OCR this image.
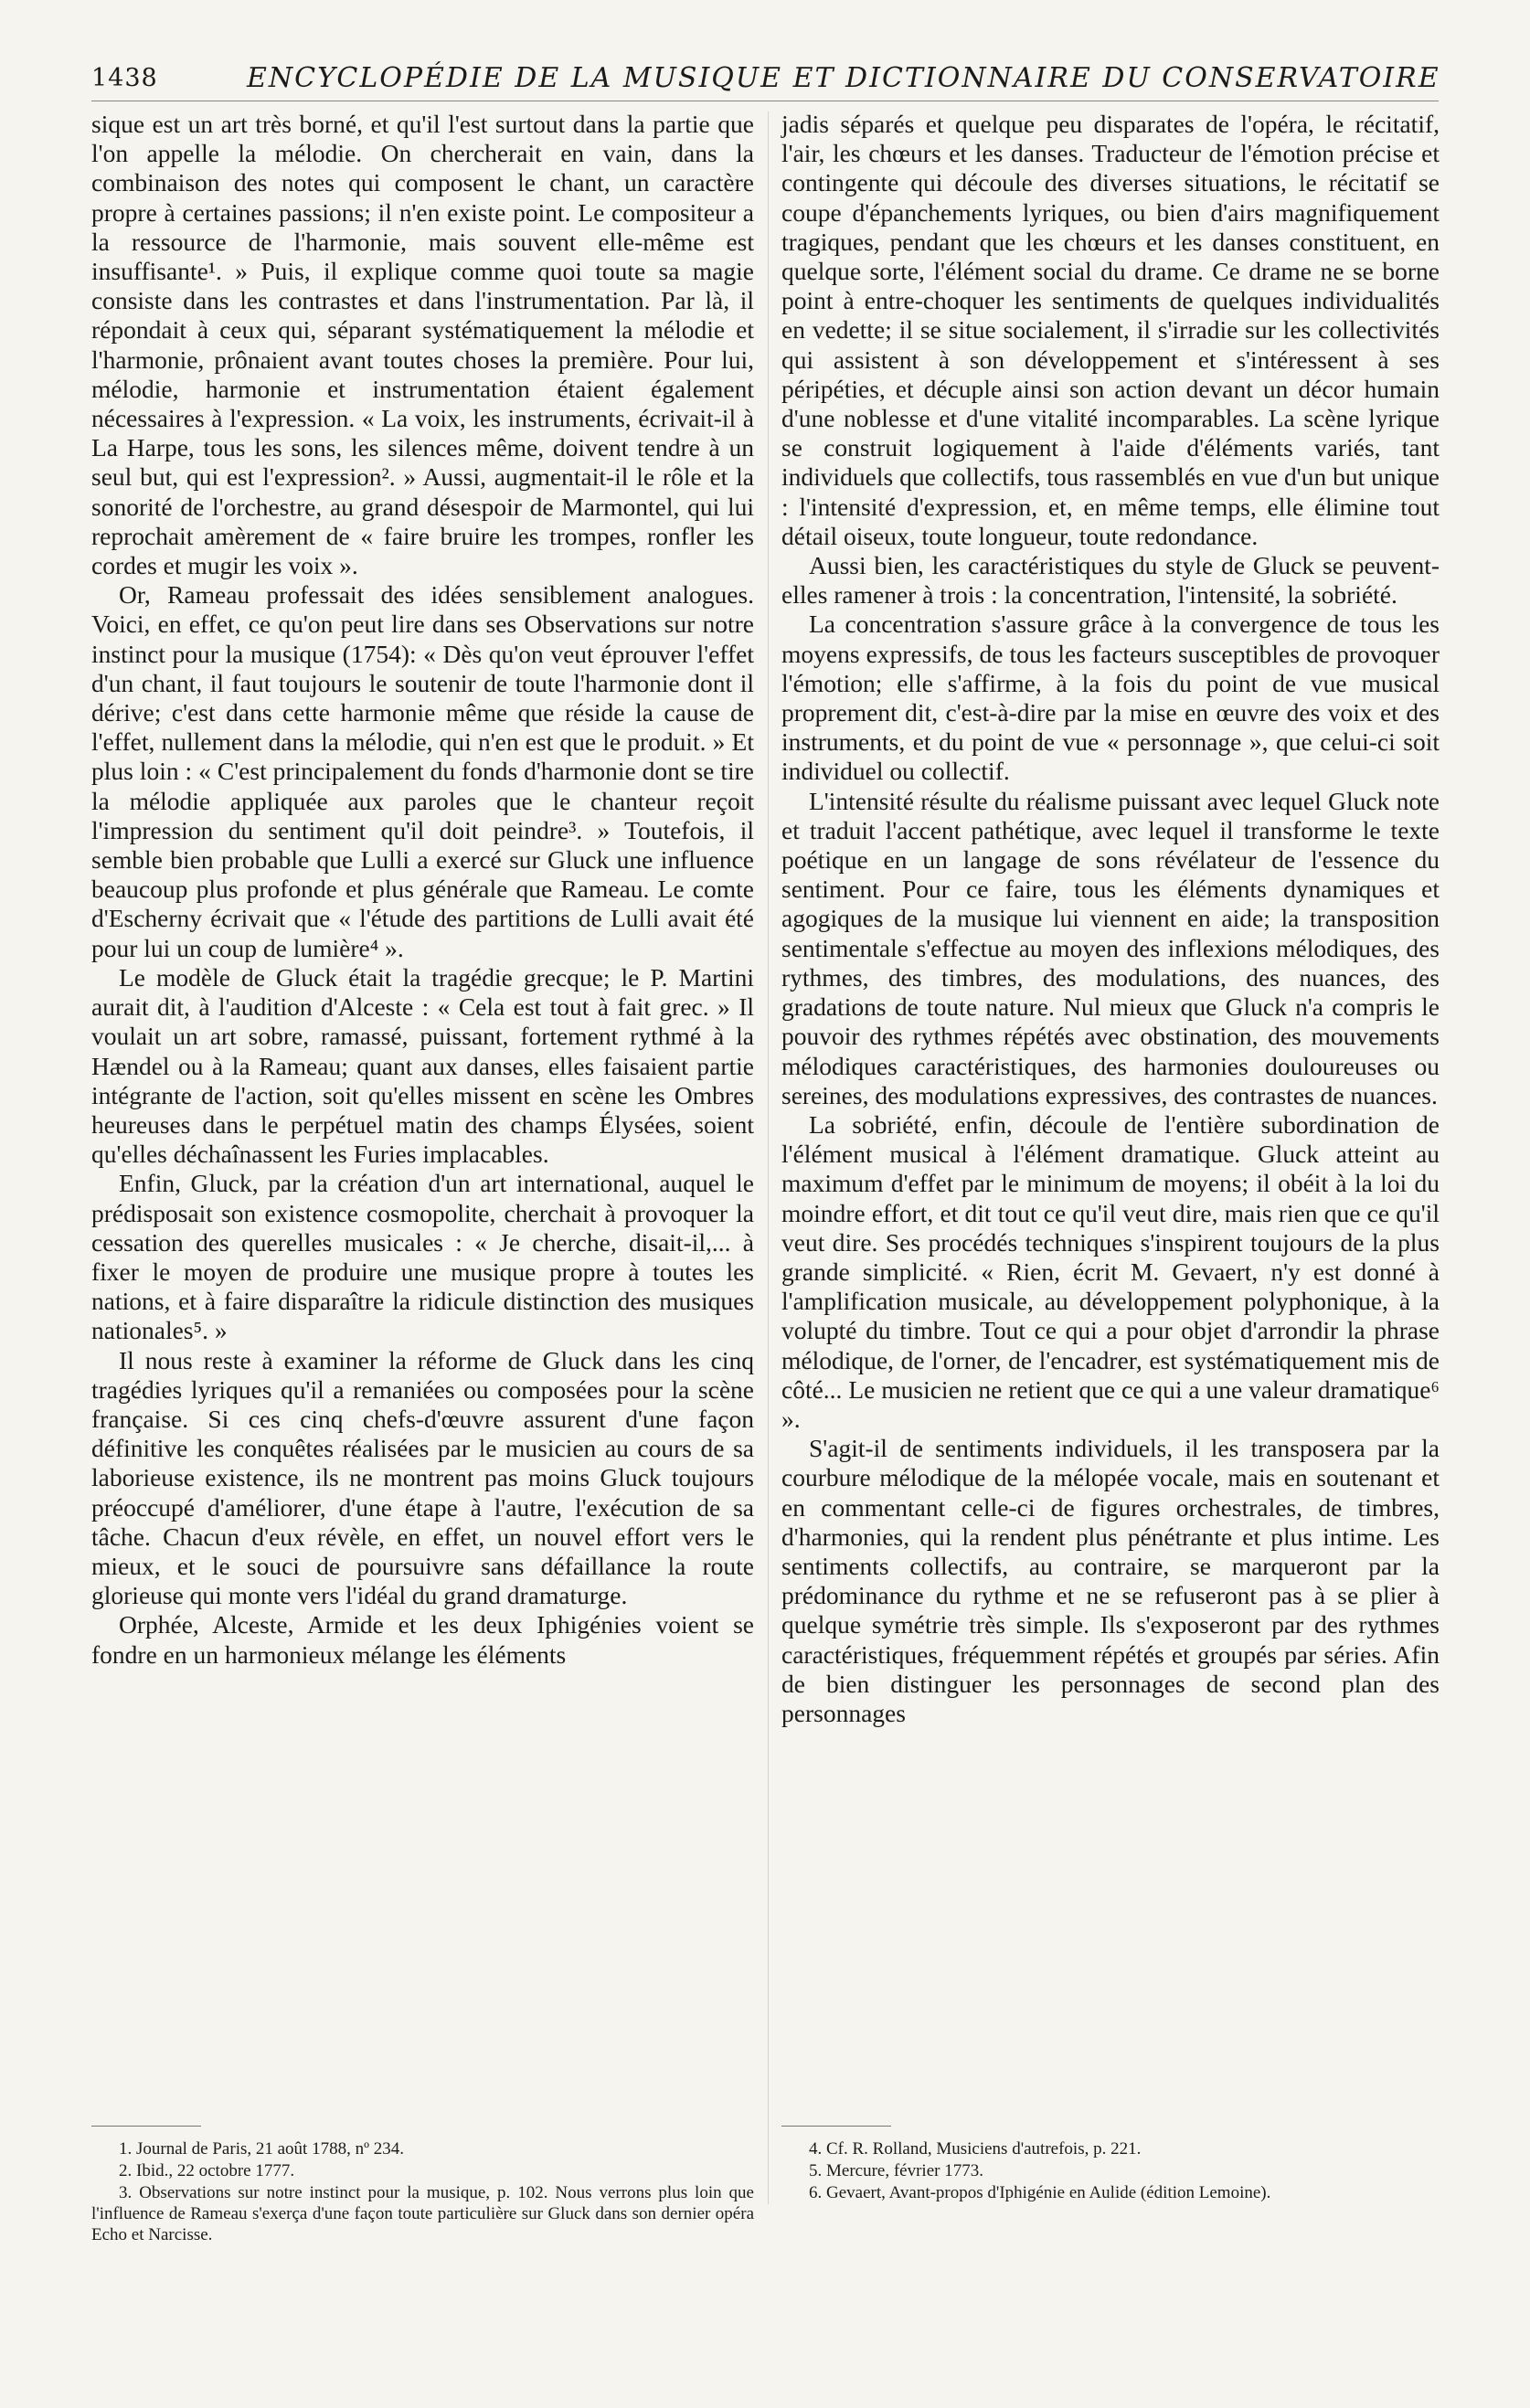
1438	ENCYCLOPÉDIE DE LA MUSIQUE ET DICTIONNAIRE DU CONSERVATOIRE

sique est un art très borné, et qu'il l'est surtout dans la partie que l'on appelle la mélodie. On chercherait en vain, dans la combinaison des notes qui composent le chant, un caractère propre à certaines passions; il n'en existe point. Le compositeur a la ressource de l'harmonie, mais souvent elle-même est insuffisante¹. » Puis, il explique comme quoi toute sa magie consiste dans les contrastes et dans l'instrumentation. Par là, il répondait à ceux qui, séparant systématiquement la mélodie et l'harmonie, prônaient avant toutes choses la première. Pour lui, mélodie, harmonie et instrumentation étaient également nécessaires à l'expression. « La voix, les instruments, écrivait-il à La Harpe, tous les sons, les silences même, doivent tendre à un seul but, qui est l'expression². » Aussi, augmentait-il le rôle et la sonorité de l'orchestre, au grand désespoir de Marmontel, qui lui reprochait amèrement de « faire bruire les trompes, ronfler les cordes et mugir les voix ».

Or, Rameau professait des idées sensiblement analogues. Voici, en effet, ce qu'on peut lire dans ses Observations sur notre instinct pour la musique (1754): « Dès qu'on veut éprouver l'effet d'un chant, il faut toujours le soutenir de toute l'harmonie dont il dérive; c'est dans cette harmonie même que réside la cause de l'effet, nullement dans la mélodie, qui n'en est que le produit. » Et plus loin : « C'est principalement du fonds d'harmonie dont se tire la mélodie appliquée aux paroles que le chanteur reçoit l'impression du sentiment qu'il doit peindre³. » Toutefois, il semble bien probable que Lulli a exercé sur Gluck une influence beaucoup plus profonde et plus générale que Rameau. Le comte d'Escherny écrivait que « l'étude des partitions de Lulli avait été pour lui un coup de lumière⁴ ».

Le modèle de Gluck était la tragédie grecque; le P. Martini aurait dit, à l'audition d'Alceste : « Cela est tout à fait grec. » Il voulait un art sobre, ramassé, puissant, fortement rythmé à la Hændel ou à la Rameau; quant aux danses, elles faisaient partie intégrante de l'action, soit qu'elles missent en scène les Ombres heureuses dans le perpétuel matin des champs Élysées, soient qu'elles déchaînassent les Furies implacables.

Enfin, Gluck, par la création d'un art international, auquel le prédisposait son existence cosmopolite, cherchait à provoquer la cessation des querelles musicales : « Je cherche, disait-il,... à fixer le moyen de produire une musique propre à toutes les nations, et à faire disparaître la ridicule distinction des musiques nationales⁵. »

Il nous reste à examiner la réforme de Gluck dans les cinq tragédies lyriques qu'il a remaniées ou composées pour la scène française. Si ces cinq chefs-d'œuvre assurent d'une façon définitive les conquêtes réalisées par le musicien au cours de sa laborieuse existence, ils ne montrent pas moins Gluck toujours préoccupé d'améliorer, d'une étape à l'autre, l'exécution de sa tâche. Chacun d'eux révèle, en effet, un nouvel effort vers le mieux, et le souci de poursuivre sans défaillance la route glorieuse qui monte vers l'idéal du grand dramaturge.

Orphée, Alceste, Armide et les deux Iphigénies voient se fondre en un harmonieux mélange les éléments

jadis séparés et quelque peu disparates de l'opéra, le récitatif, l'air, les chœurs et les danses. Traducteur de l'émotion précise et contingente qui découle des diverses situations, le récitatif se coupe d'épanchements lyriques, ou bien d'airs magnifiquement tragiques, pendant que les chœurs et les danses constituent, en quelque sorte, l'élément social du drame. Ce drame ne se borne point à entre-choquer les sentiments de quelques individualités en vedette; il se situe socialement, il s'irradie sur les collectivités qui assistent à son développement et s'intéressent à ses péripéties, et décuple ainsi son action devant un décor humain d'une noblesse et d'une vitalité incomparables. La scène lyrique se construit logiquement à l'aide d'éléments variés, tant individuels que collectifs, tous rassemblés en vue d'un but unique : l'intensité d'expression, et, en même temps, elle élimine tout détail oiseux, toute longueur, toute redondance.

Aussi bien, les caractéristiques du style de Gluck se peuvent-elles ramener à trois : la concentration, l'intensité, la sobriété.

La concentration s'assure grâce à la convergence de tous les moyens expressifs, de tous les facteurs susceptibles de provoquer l'émotion; elle s'affirme, à la fois du point de vue musical proprement dit, c'est-à-dire par la mise en œuvre des voix et des instruments, et du point de vue « personnage », que celui-ci soit individuel ou collectif.

L'intensité résulte du réalisme puissant avec lequel Gluck note et traduit l'accent pathétique, avec lequel il transforme le texte poétique en un langage de sons révélateur de l'essence du sentiment. Pour ce faire, tous les éléments dynamiques et agogiques de la musique lui viennent en aide; la transposition sentimentale s'effectue au moyen des inflexions mélodiques, des rythmes, des timbres, des modulations, des nuances, des gradations de toute nature. Nul mieux que Gluck n'a compris le pouvoir des rythmes répétés avec obstination, des mouvements mélodiques caractéristiques, des harmonies douloureuses ou sereines, des modulations expressives, des contrastes de nuances.

La sobriété, enfin, découle de l'entière subordination de l'élément musical à l'élément dramatique. Gluck atteint au maximum d'effet par le minimum de moyens; il obéit à la loi du moindre effort, et dit tout ce qu'il veut dire, mais rien que ce qu'il veut dire. Ses procédés techniques s'inspirent toujours de la plus grande simplicité. « Rien, écrit M. Gevaert, n'y est donné à l'amplification musicale, au développement polyphonique, à la volupté du timbre. Tout ce qui a pour objet d'arrondir la phrase mélodique, de l'orner, de l'encadrer, est systématiquement mis de côté... Le musicien ne retient que ce qui a une valeur dramatique⁶ ».

S'agit-il de sentiments individuels, il les transposera par la courbure mélodique de la mélopée vocale, mais en soutenant et en commentant celle-ci de figures orchestrales, de timbres, d'harmonies, qui la rendent plus pénétrante et plus intime. Les sentiments collectifs, au contraire, se marqueront par la prédominance du rythme et ne se refuseront pas à se plier à quelque symétrie très simple. Ils s'exposeront par des rythmes caractéristiques, fréquemment répétés et groupés par séries. Afin de bien distinguer les personnages de second plan des personnages

1. Journal de Paris, 21 août 1788, nº 234.

2. Ibid., 22 octobre 1777.

3. Observations sur notre instinct pour la musique, p. 102. Nous verrons plus loin que l'influence de Rameau s'exerça d'une façon toute particulière sur Gluck dans son dernier opéra Echo et Narcisse.

4. Cf. R. Rolland, Musiciens d'autrefois, p. 221.

5. Mercure, février 1773.

6. Gevaert, Avant-propos d'Iphigénie en Aulide (édition Lemoine).
